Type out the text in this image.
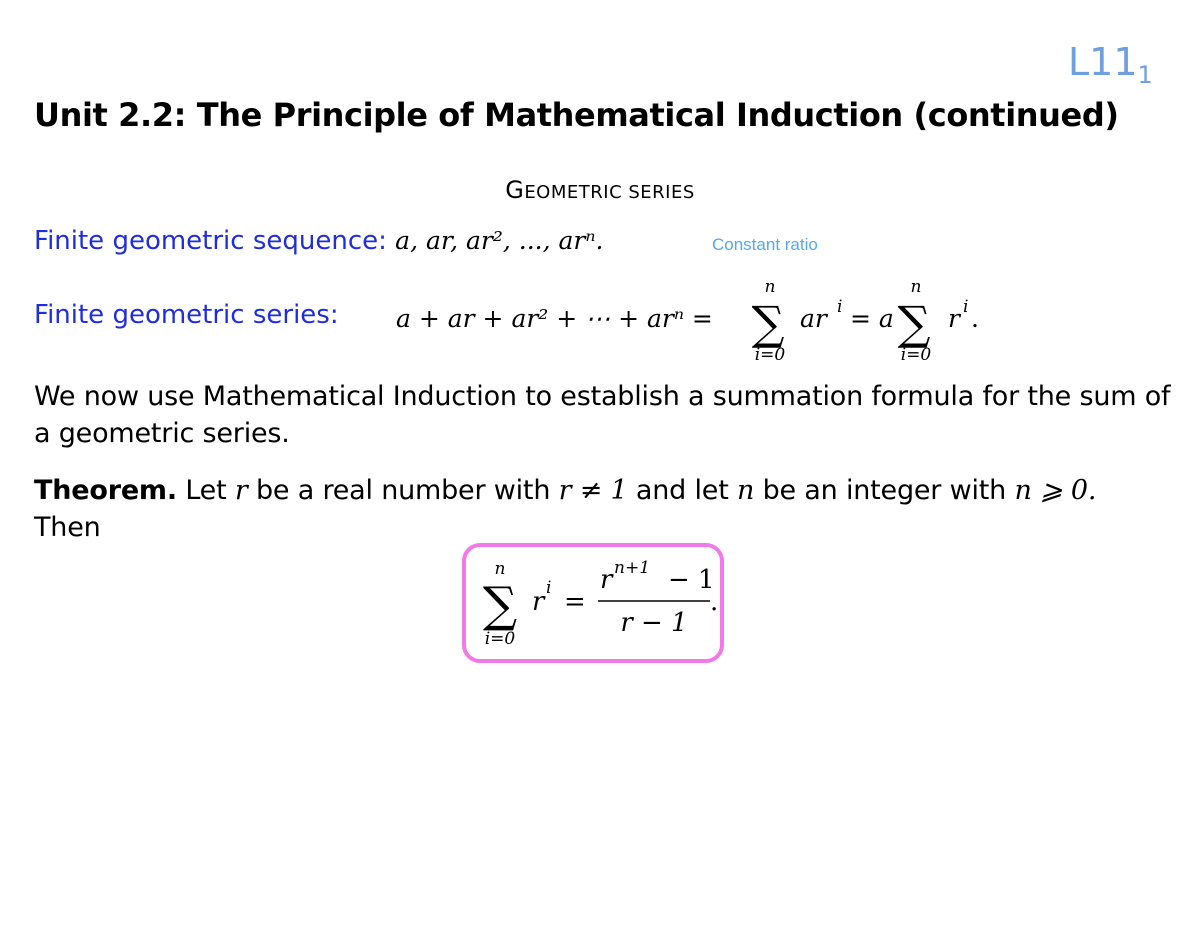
$L11_1$
Unit 2.2: The Principle of Mathematical Induction (continued)
GEOMETRIC SERIES
Finite geometric sequence: a, ar, ar², ..., arⁿ.	Constant ratio
Finite geometric series: a + ar + ar² + ⋯ + arⁿ =
n
∑
i=0
ar i = a
n
∑
i=0
r i .
We now use Mathematical Induction to establish a summation formula for the sum of a geometric series.
Theorem. Let r be a real number with r ≠ 1 and let n be an integer with n ⩾ 0.
Then
n
∑
i=0
r i =
r n+1 − 1
r − 1
.
